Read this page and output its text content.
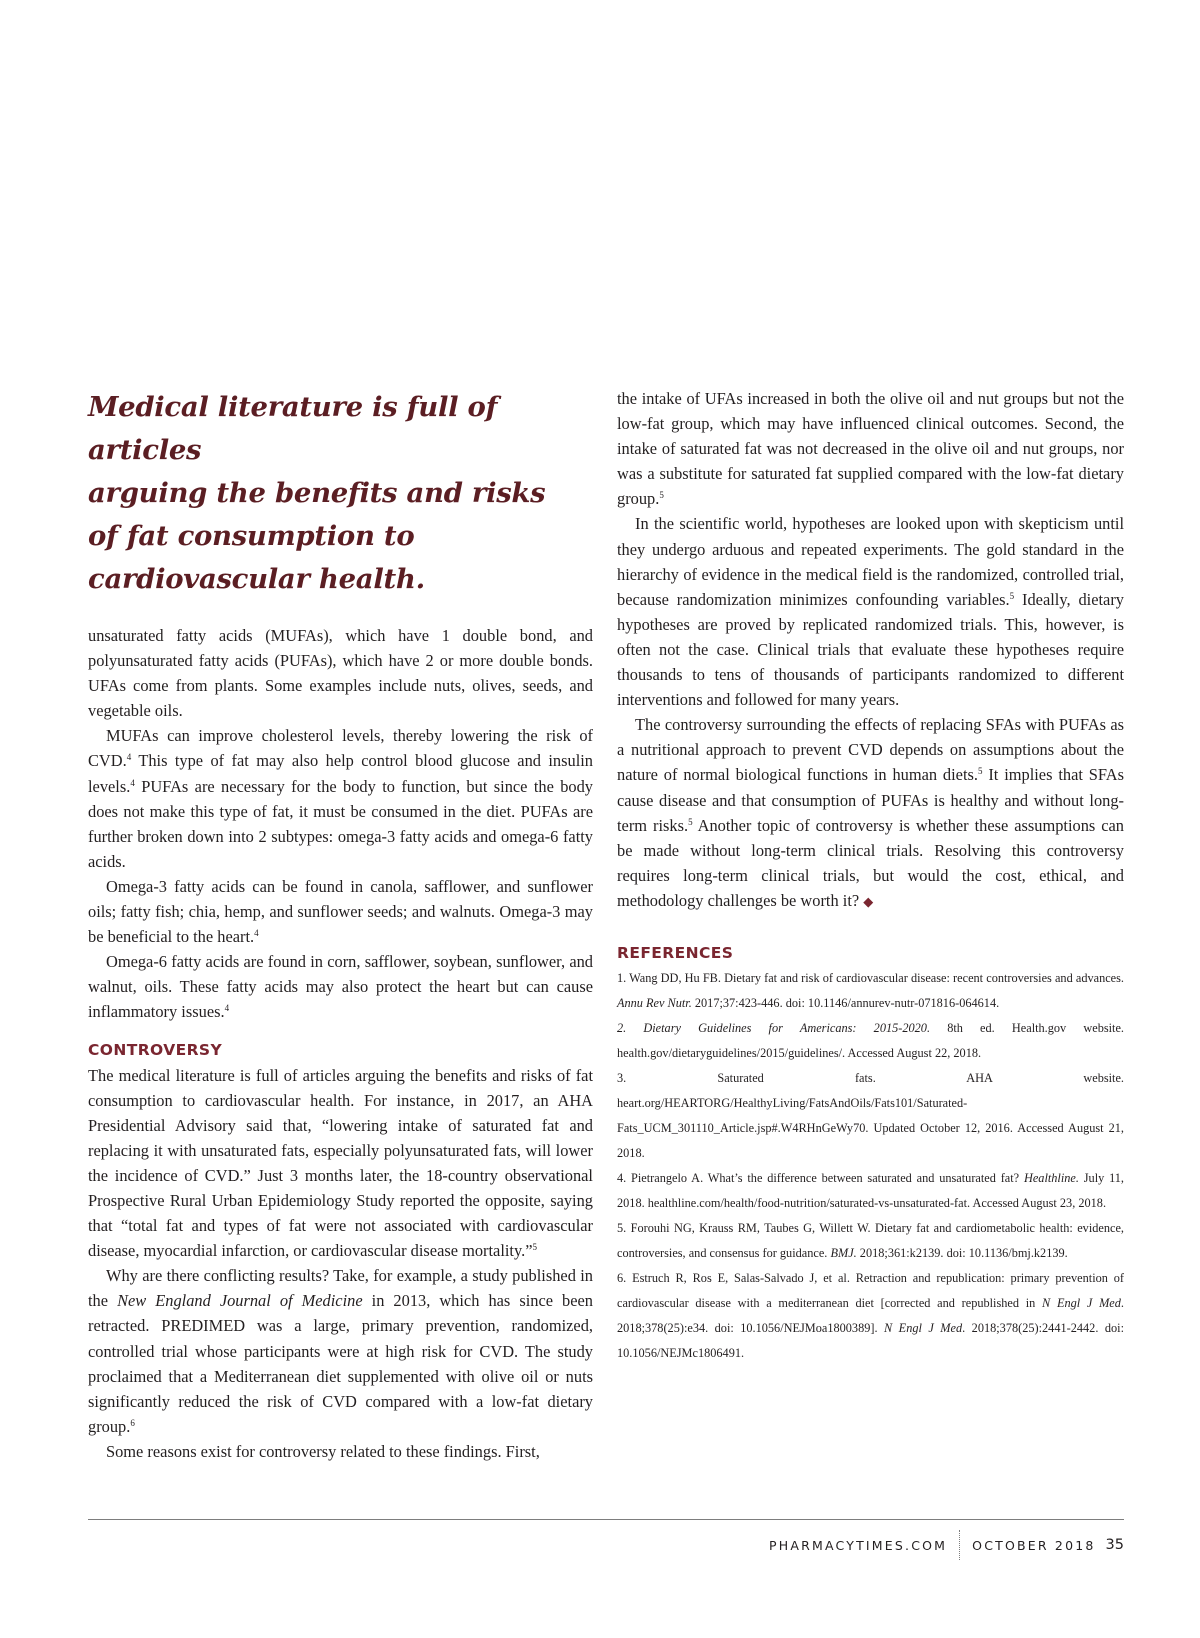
Medical literature is full of articles
arguing the benefits and risks
of fat consumption to
cardiovascular health.

unsaturated fatty acids (MUFAs), which have 1 double bond, and polyunsaturated fatty acids (PUFAs), which have 2 or more double bonds. UFAs come from plants. Some examples include nuts, olives, seeds, and vegetable oils.

MUFAs can improve cholesterol levels, thereby lowering the risk of CVD.$^4$ This type of fat may also help control blood glucose and insulin levels.$^4$ PUFAs are necessary for the body to function, but since the body does not make this type of fat, it must be consumed in the diet. PUFAs are further broken down into 2 subtypes: omega-3 fatty acids and omega-6 fatty acids.

Omega-3 fatty acids can be found in canola, safflower, and sunflower oils; fatty fish; chia, hemp, and sunflower seeds; and walnuts. Omega-3 may be beneficial to the heart.$^4$

Omega-6 fatty acids are found in corn, safflower, soybean, sunflower, and walnut, oils. These fatty acids may also protect the heart but can cause inflammatory issues.$^4$

CONTROVERSY

The medical literature is full of articles arguing the benefits and risks of fat consumption to cardiovascular health. For instance, in 2017, an AHA Presidential Advisory said that, “lowering intake of saturated fat and replacing it with unsaturated fats, especially polyunsaturated fats, will lower the incidence of CVD.” Just 3 months later, the 18-country observational Prospective Rural Urban Epidemiology Study reported the opposite, saying that “total fat and types of fat were not associated with cardiovascular disease, myocardial infarction, or cardiovascular disease mortality.”$^5$

Why are there conflicting results? Take, for example, a study published in the New England Journal of Medicine in 2013, which has since been retracted. PREDIMED was a large, primary prevention, randomized, controlled trial whose participants were at high risk for CVD. The study proclaimed that a Mediterranean diet supplemented with olive oil or nuts significantly reduced the risk of CVD compared with a low-fat dietary group.$^6$

Some reasons exist for controversy related to these findings. First,

the intake of UFAs increased in both the olive oil and nut groups but not the low-fat group, which may have influenced clinical outcomes. Second, the intake of saturated fat was not decreased in the olive oil and nut groups, nor was a substitute for saturated fat supplied compared with the low-fat dietary group.$^5$

In the scientific world, hypotheses are looked upon with skepticism until they undergo arduous and repeated experiments. The gold standard in the hierarchy of evidence in the medical field is the randomized, controlled trial, because randomization minimizes confounding variables.$^5$ Ideally, dietary hypotheses are proved by replicated randomized trials. This, however, is often not the case. Clinical trials that evaluate these hypotheses require thousands to tens of thousands of participants randomized to different interventions and followed for many years.

The controversy surrounding the effects of replacing SFAs with PUFAs as a nutritional approach to prevent CVD depends on assumptions about the nature of normal biological functions in human diets.$^5$ It implies that SFAs cause disease and that consumption of PUFAs is healthy and without long-term risks.$^5$ Another topic of controversy is whether these assumptions can be made without long-term clinical trials. Resolving this controversy requires long-term clinical trials, but would the cost, ethical, and methodology challenges be worth it? ◆

REFERENCES

1. Wang DD, Hu FB. Dietary fat and risk of cardiovascular disease: recent controversies and advances. Annu Rev Nutr. 2017;37:423-446. doi: 10.1146/annurev-nutr-071816-064614.

2. Dietary Guidelines for Americans: 2015-2020. 8th ed. Health.gov website. health.gov/dietaryguidelines/2015/guidelines/. Accessed August 22, 2018.

3. Saturated fats. AHA website. heart.org/HEARTORG/HealthyLiving/FatsAndOils/Fats101/Saturated-Fats_UCM_301110_Article.jsp#.W4RHnGeWy70. Updated October 12, 2016. Accessed August 21, 2018.

4. Pietrangelo A. What’s the difference between saturated and unsaturated fat? Healthline. July 11, 2018. healthline.com/health/food-nutrition/saturated-vs-unsaturated-fat. Accessed August 23, 2018.

5. Forouhi NG, Krauss RM, Taubes G, Willett W. Dietary fat and cardiometabolic health: evidence, controversies, and consensus for guidance. BMJ. 2018;361:k2139. doi: 10.1136/bmj.k2139.

6. Estruch R, Ros E, Salas-Salvado J, et al. Retraction and republication: primary prevention of cardiovascular disease with a mediterranean diet [corrected and republished in N Engl J Med. 2018;378(25):e34. doi: 10.1056/NEJMoa1800389]. N Engl J Med. 2018;378(25):2441-2442. doi: 10.1056/NEJMc1806491.

PHARMACYTIMES.COM OCTOBER 2018 35
